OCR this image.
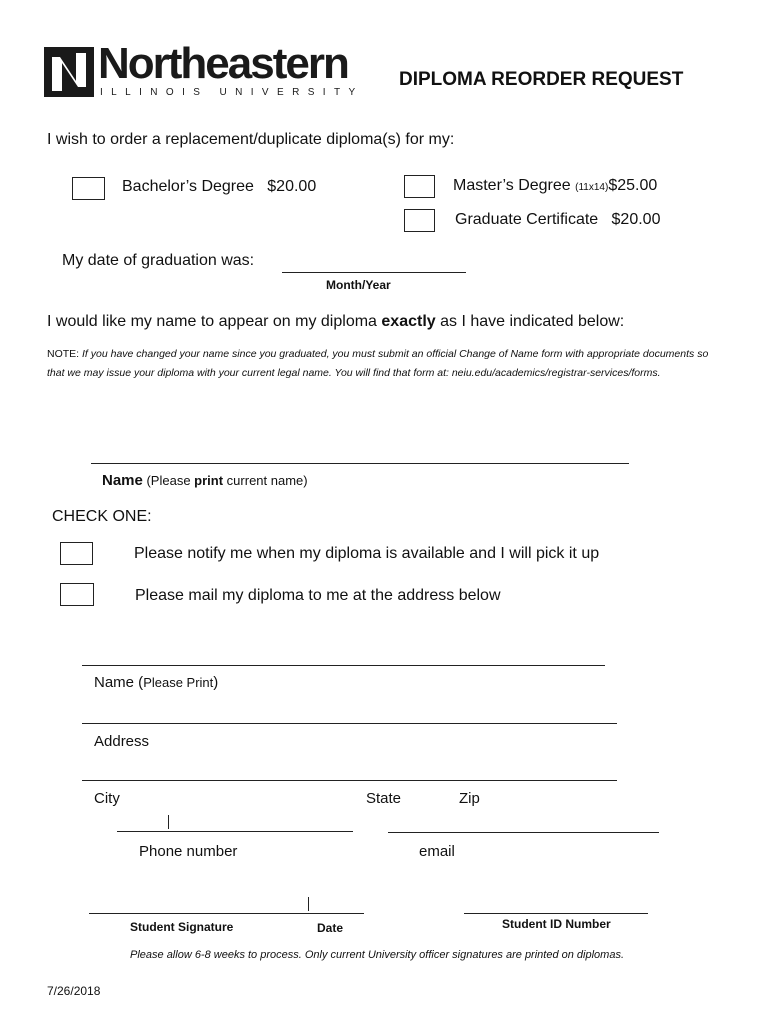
Northeastern
ILLINOIS UNIVERSITY
DIPLOMA REORDER REQUEST
I wish to order a replacement/duplicate diploma(s) for my:
Bachelor’s Degree $20.00	Master’s Degree (11x14)$25.00
Graduate Certificate $20.00
My date of graduation was:
Month/Year
I would like my name to appear on my diploma exactly as I have indicated below:
NOTE: If you have changed your name since you graduated, you must submit an official Change of Name form with appropriate documents so that we may issue your diploma with your current legal name. You will find that form at: neiu.edu/academics/registrar-services/forms.
Name (Please print current name)
CHECK ONE:
Please notify me when my diploma is available and I will pick it up
Please mail my diploma to me at the address below
Name (Please Print)
Address
City	State	Zip
Phone number	email
Student Signature	Date	Student ID Number
Please allow 6-8 weeks to process. Only current University officer signatures are printed on diplomas.
7/26/2018
